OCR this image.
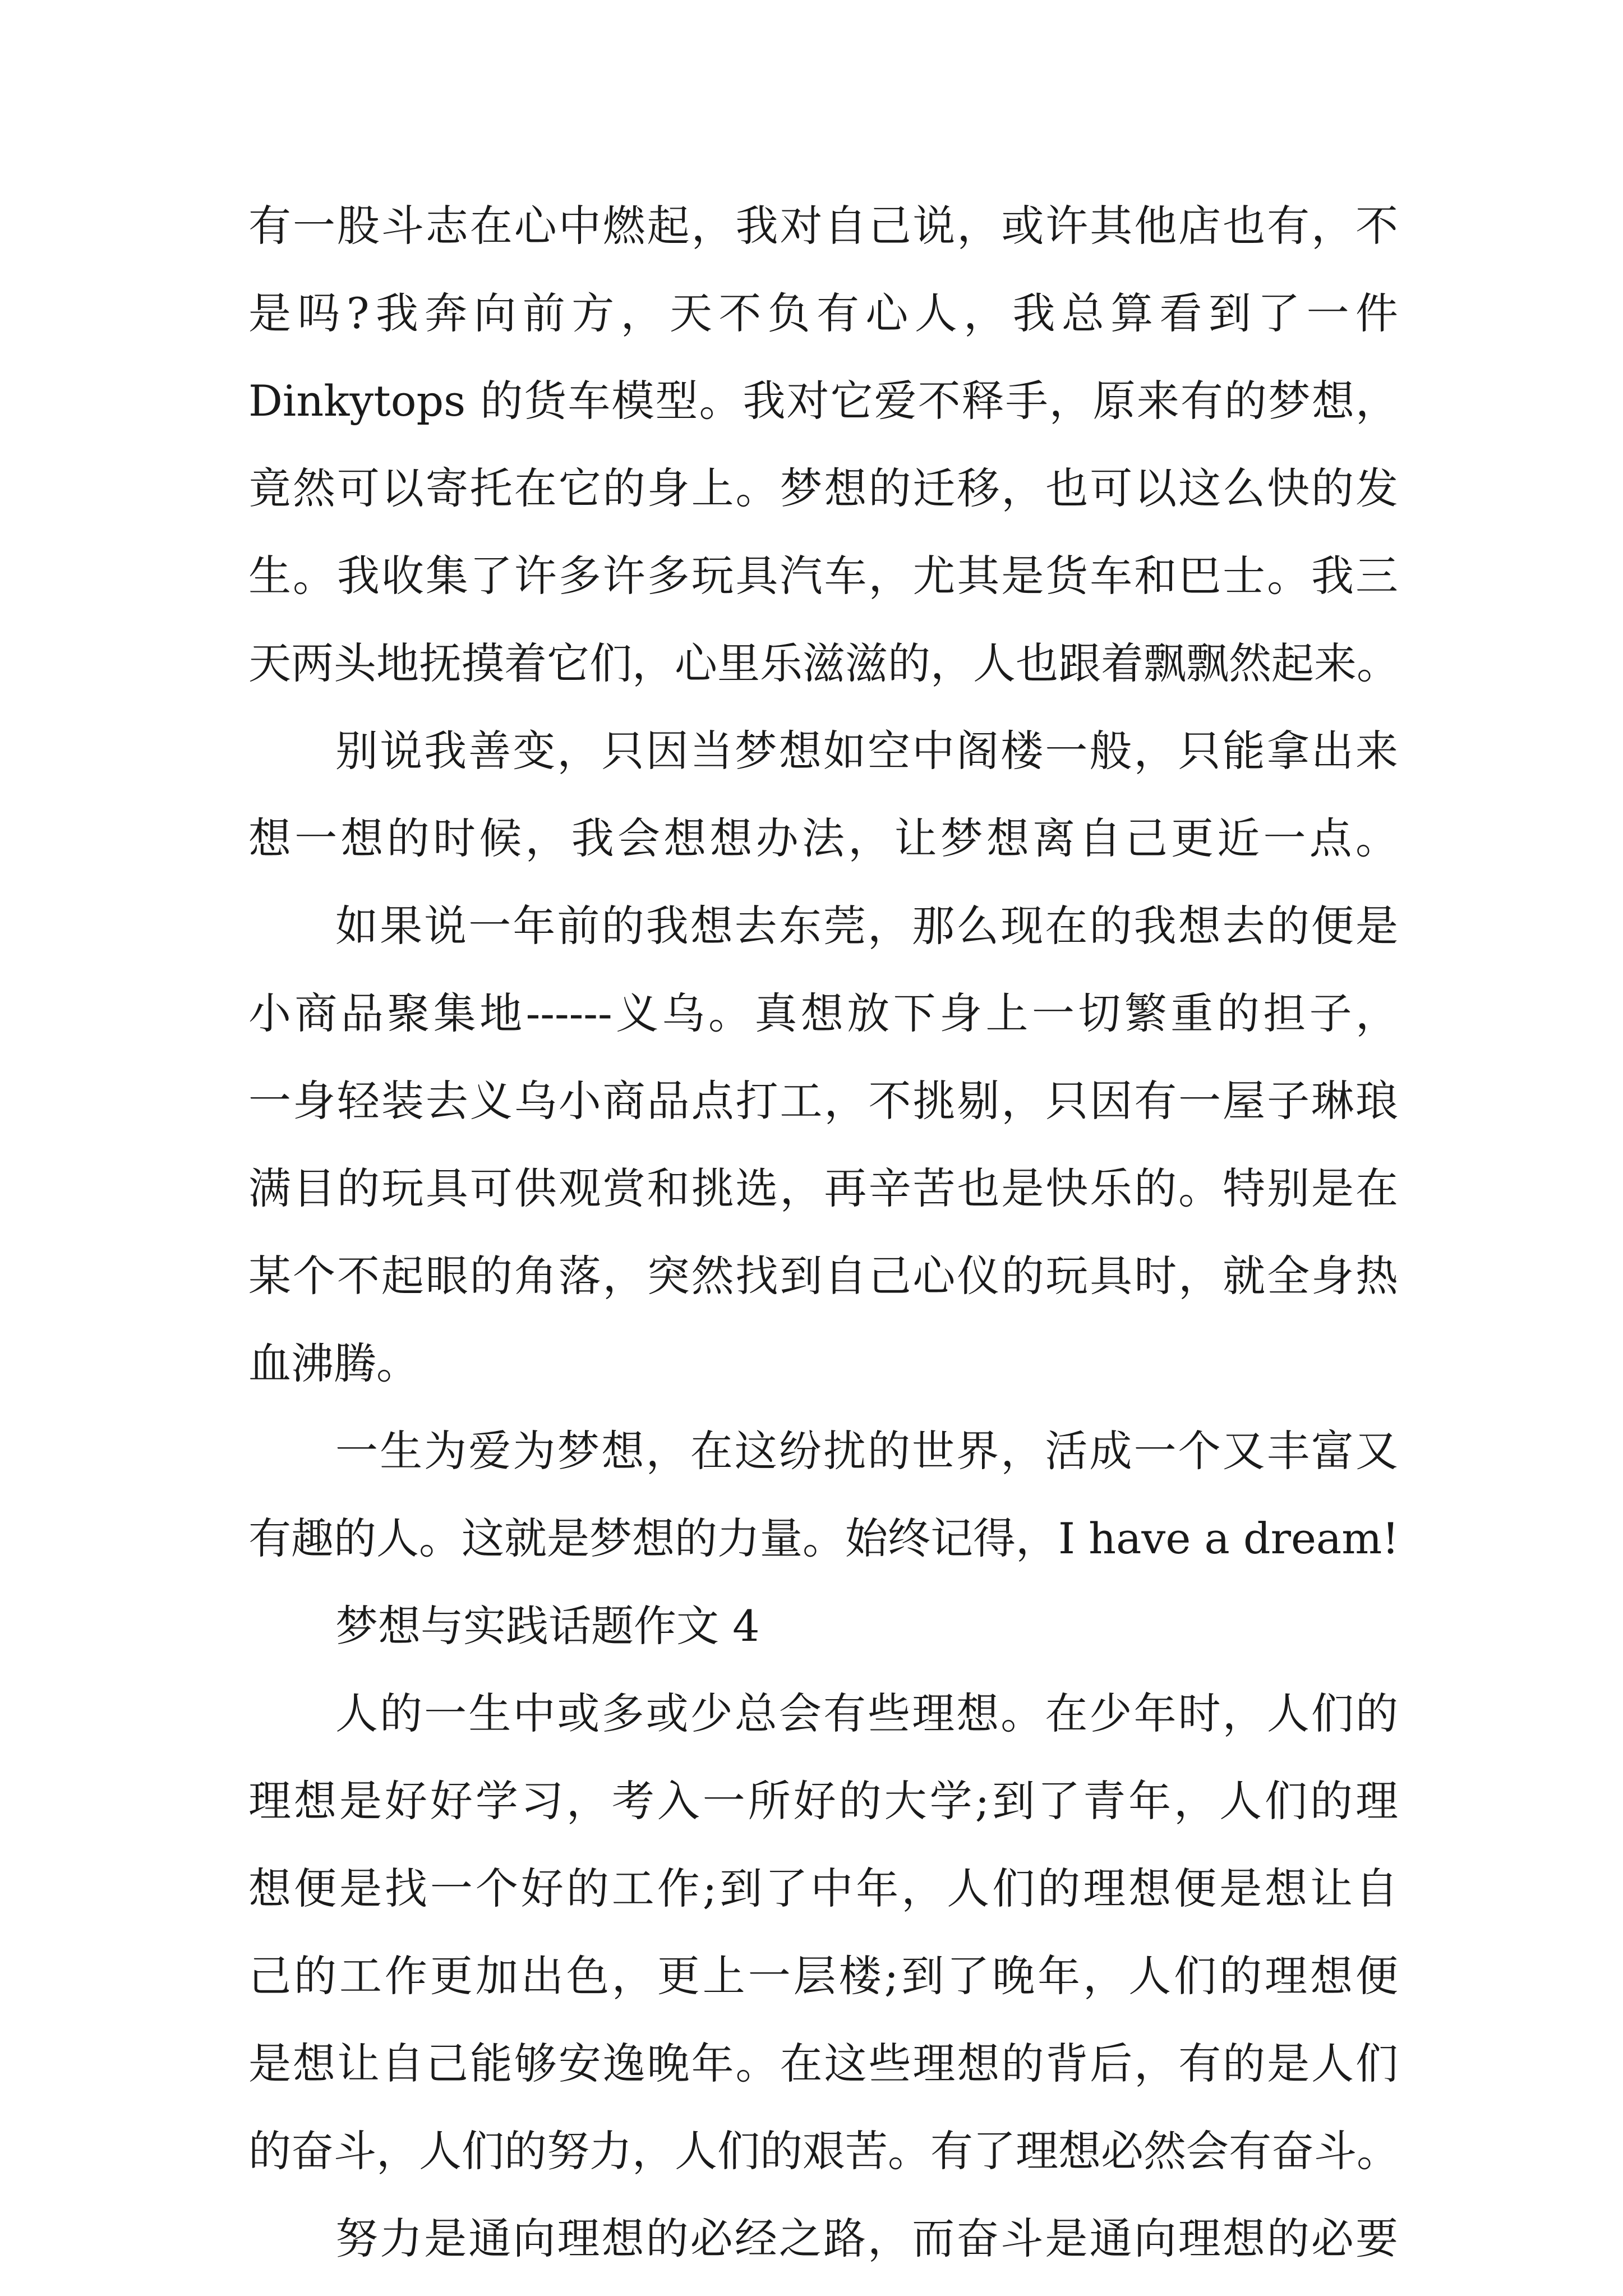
有一股斗志在心中燃起，我对自己说，或许其他店也有，不
是吗?我奔向前方，天不负有心人，我总算看到了一件
Dinkytops 的货车模型。我对它爱不释手，原来有的梦想，
竟然可以寄托在它的身上。梦想的迁移，也可以这么快的发
生。我收集了许多许多玩具汽车，尤其是货车和巴士。我三
天两头地抚摸着它们，心里乐滋滋的，人也跟着飘飘然起来。
别说我善变，只因当梦想如空中阁楼一般，只能拿出来
想一想的时候，我会想想办法，让梦想离自己更近一点。
如果说一年前的我想去东莞，那么现在的我想去的便是
小商品聚集地------义乌。真想放下身上一切繁重的担子，
一身轻装去义乌小商品点打工，不挑剔，只因有一屋子琳琅
满目的玩具可供观赏和挑选，再辛苦也是快乐的。特别是在
某个不起眼的角落，突然找到自己心仪的玩具时，就全身热
血沸腾。
一生为爱为梦想，在这纷扰的世界，活成一个又丰富又
有趣的人。这就是梦想的力量。始终记得，I have a dream!
梦想与实践话题作文 4
人的一生中或多或少总会有些理想。在少年时，人们的
理想是好好学习，考入一所好的大学;到了青年，人们的理
想便是找一个好的工作;到了中年，人们的理想便是想让自
己的工作更加出色，更上一层楼;到了晚年，人们的理想便
是想让自己能够安逸晚年。在这些理想的背后，有的是人们
的奋斗，人们的努力，人们的艰苦。有了理想必然会有奋斗。
努力是通向理想的必经之路，而奋斗是通向理想的必要
